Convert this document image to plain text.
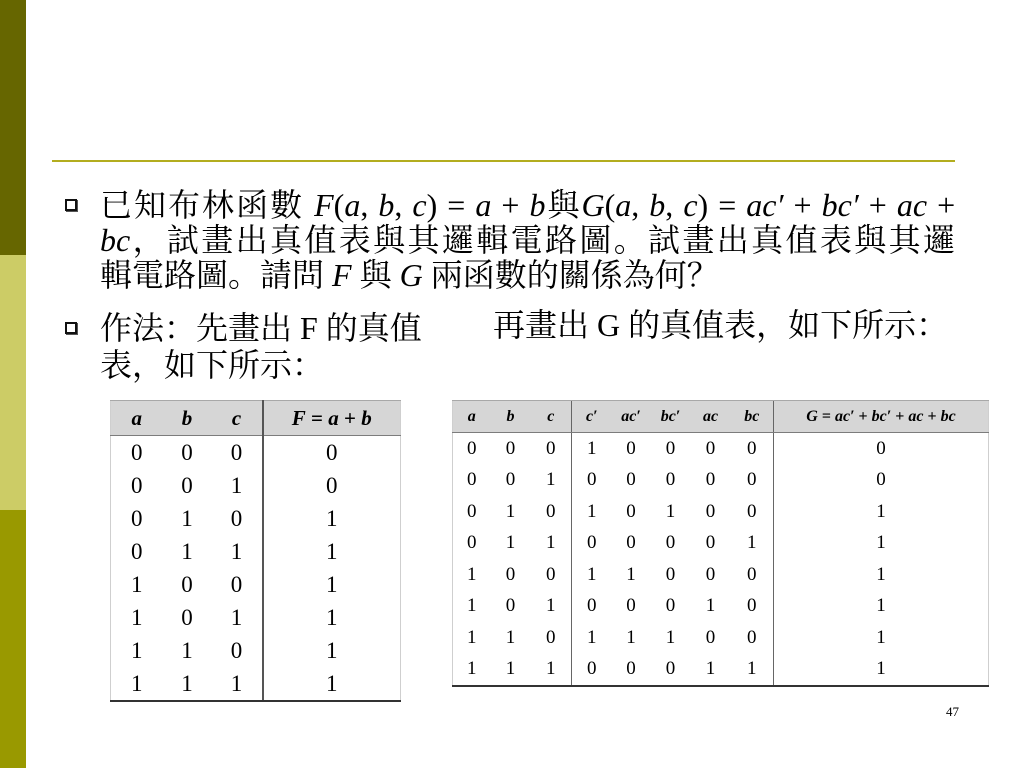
已知布林函數 F(a, b, c) = a + b與G(a, b, c) = ac′ + bc′ + ac +
bc，試畫出真值表與其邏輯電路圖。試畫出真值表與其邏
輯電路圖。請問 F 與 G 兩函數的關係為何？
作法：先畫出 F 的真值
表，如下所示：
再畫出 G 的真值表，如下所示：
a	b	c	F = a + b
0	0	0	0
0	0	1	0
0	1	0	1
0	1	1	1
1	0	0	1
1	0	1	1
1	1	0	1
1	1	1	1
a	b	c	c′	ac′	bc′	ac	bc	G = ac′ + bc′ + ac + bc
0	0	0	1	0	0	0	0	0
0	0	1	0	0	0	0	0	0
0	1	0	1	0	1	0	0	1
0	1	1	0	0	0	0	1	1
1	0	0	1	1	0	0	0	1
1	0	1	0	0	0	1	0	1
1	1	0	1	1	1	0	0	1
1	1	1	0	0	0	1	1	1
47
